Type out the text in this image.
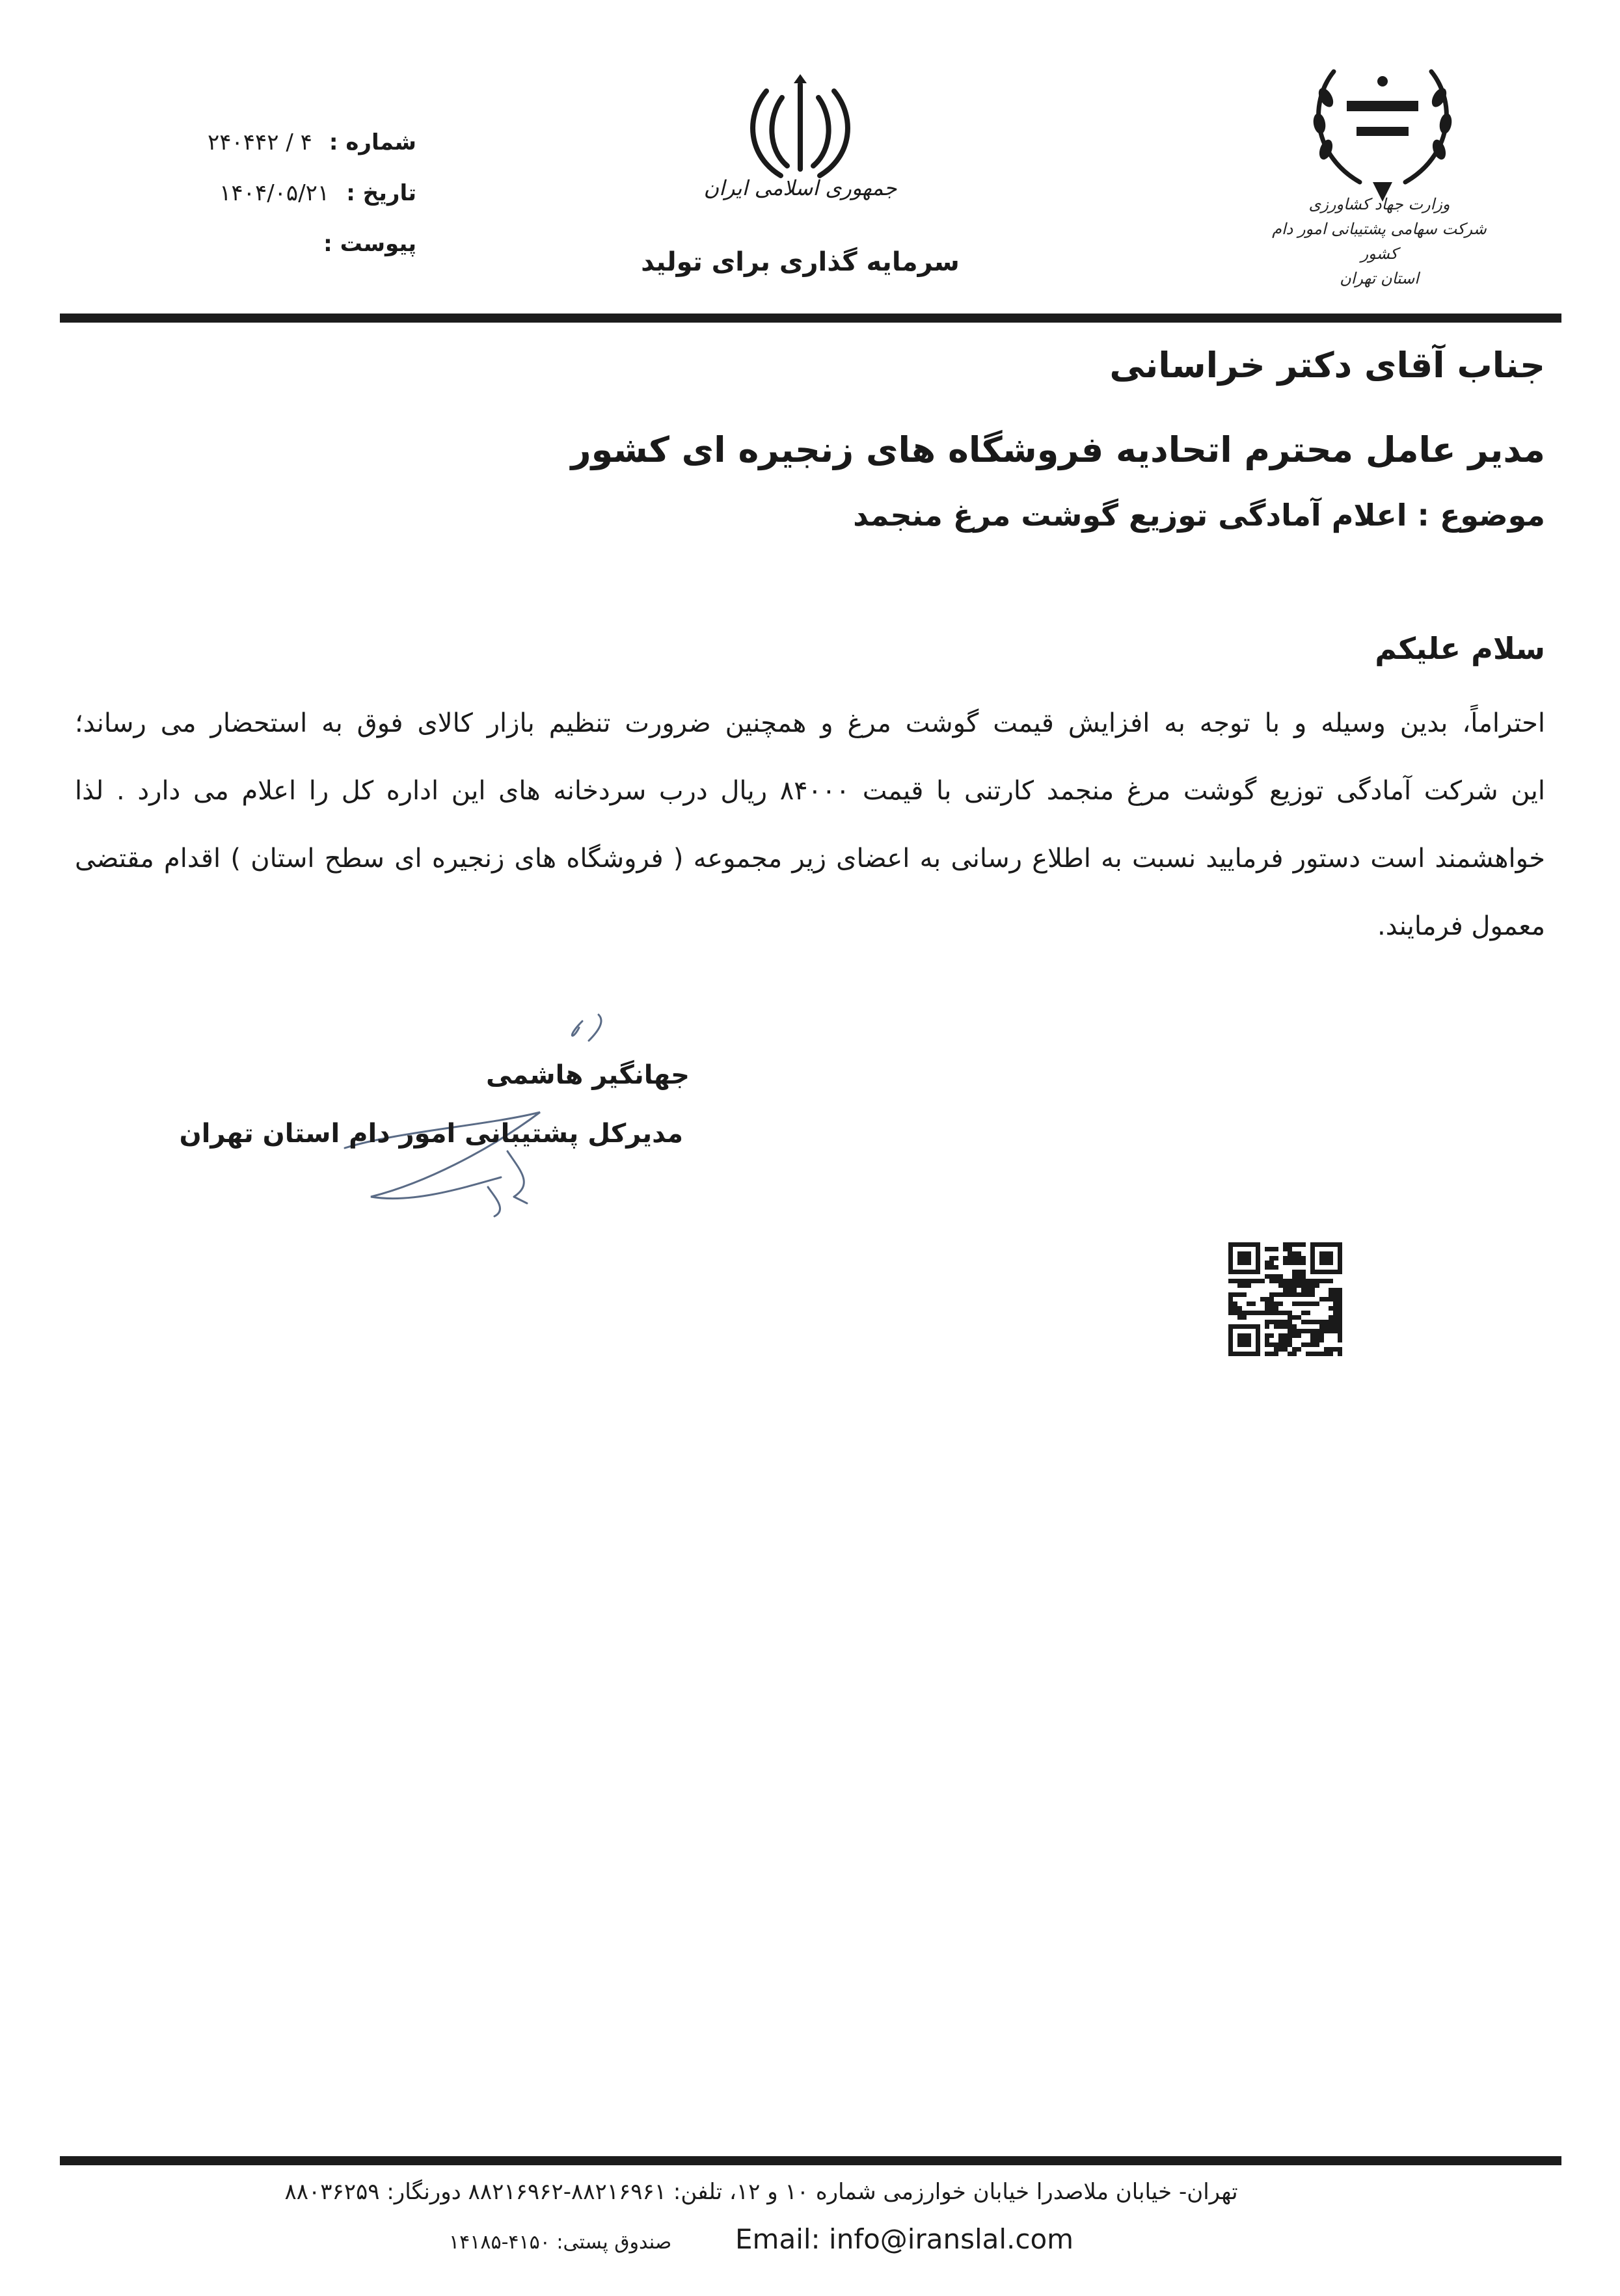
شماره :
۴ / ۲۴۰۴۴۲
تاریخ :
۱۴۰۴/۰۵/۲۱
پیوست :
جمهوری اسلامی ایران
سرمایه گذاری برای تولید
وزارت جهاد کشاورزی
شرکت سهامی پشتیبانی امور دام کشور
استان تهران
جناب آقای دکتر خراسانی
مدیر عامل محترم اتحادیه فروشگاه های زنجیره ای کشور
موضوع : اعلام آمادگی توزیع گوشت مرغ منجمد
سلام علیکم
احتراماً، بدین وسیله و با توجه به افزایش قیمت گوشت مرغ و همچنین ضرورت تنظیم بازار کالای فوق به استحضار می رساند؛
این شرکت آمادگی توزیع گوشت مرغ منجمد کارتنی با قیمت ۸۴۰۰۰ ریال درب سردخانه های این اداره کل را اعلام می دارد . لذا
خواهشمند است دستور فرمایید نسبت به اطلاع رسانی به اعضای زیر مجموعه ( فروشگاه های زنجیره ای سطح استان ) اقدام مقتضی
معمول فرمایند.
جهانگیر هاشمی
مدیرکل پشتیبانی امور دام استان تهران
تهران- خیابان ملاصدرا خیابان خوارزمی شماره ۱۰ و ۱۲، تلفن: ۸۸۲۱۶۹۶۱-۸۸۲۱۶۹۶۲ دورنگار: ۸۸۰۳۶۲۵۹
صندوق پستی: ۴۱۵۰-۱۴۱۸۵ Email: info@iranslal.com
